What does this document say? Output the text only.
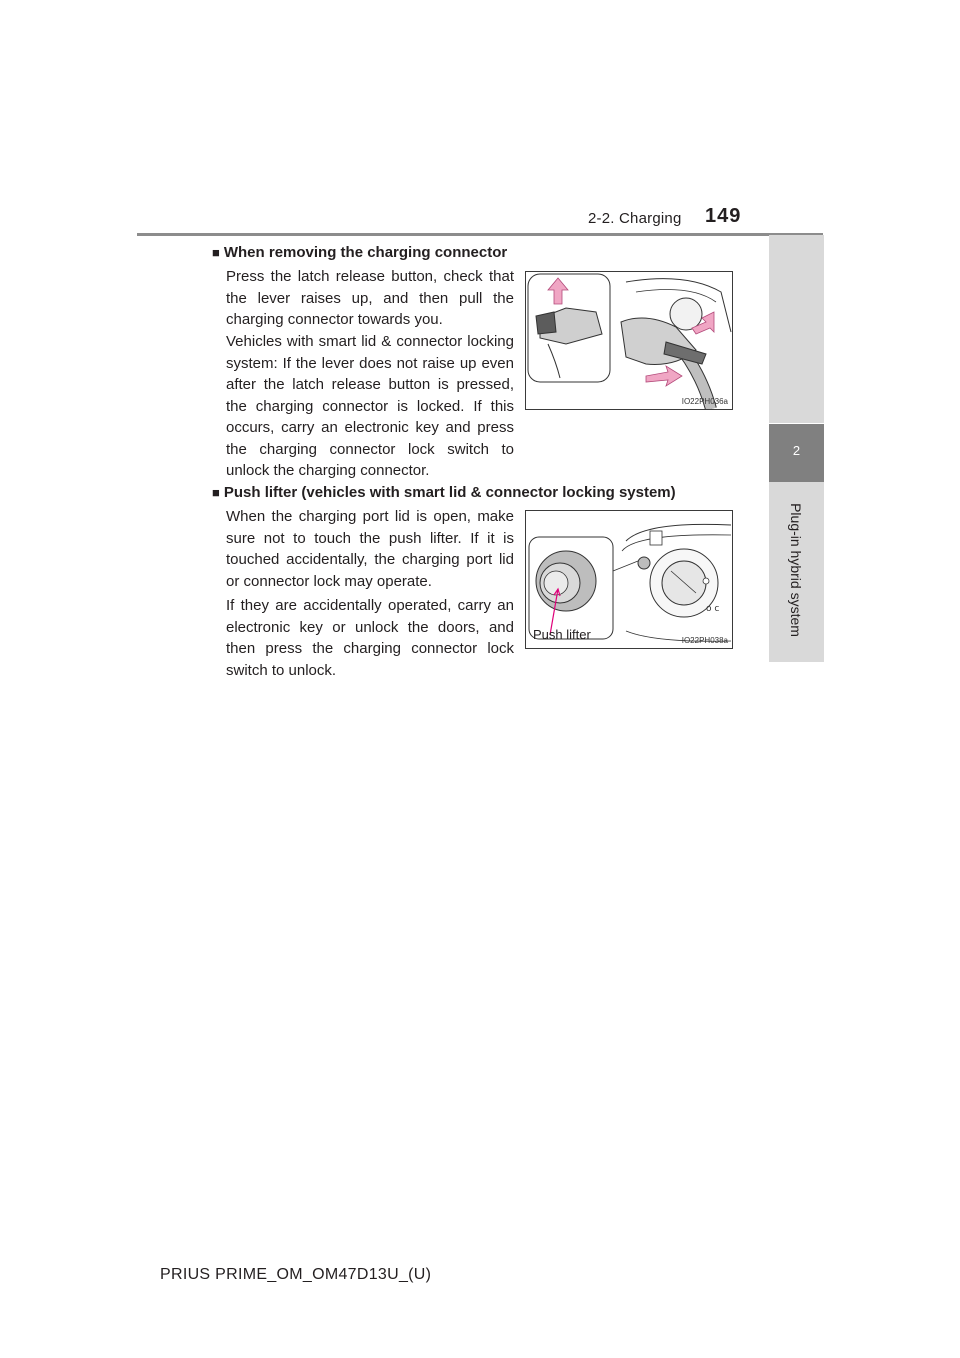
2-2. Charging 149
2
Plug-in hybrid system
■ When removing the charging connector
Press the latch release button, check that the lever raises up, and then pull the charging connector towards you.
Vehicles with smart lid & connector locking system: If the lever does not raise up even after the latch release button is pressed, the charging connector is locked. If this occurs, carry an electronic key and press the charging connector lock switch to unlock the charging connector.
IO22PH036a
■ Push lifter (vehicles with smart lid & connector locking system)
When the charging port lid is open, make sure not to touch the push lifter. If it is touched accidentally, the charging port lid or connector lock may operate.
If they are accidentally operated, carry an electronic key or unlock the doors, and then press the charging connector lock switch to unlock.
o c
Push lifter	IO22PH038a
PRIUS PRIME_OM_OM47D13U_(U)
